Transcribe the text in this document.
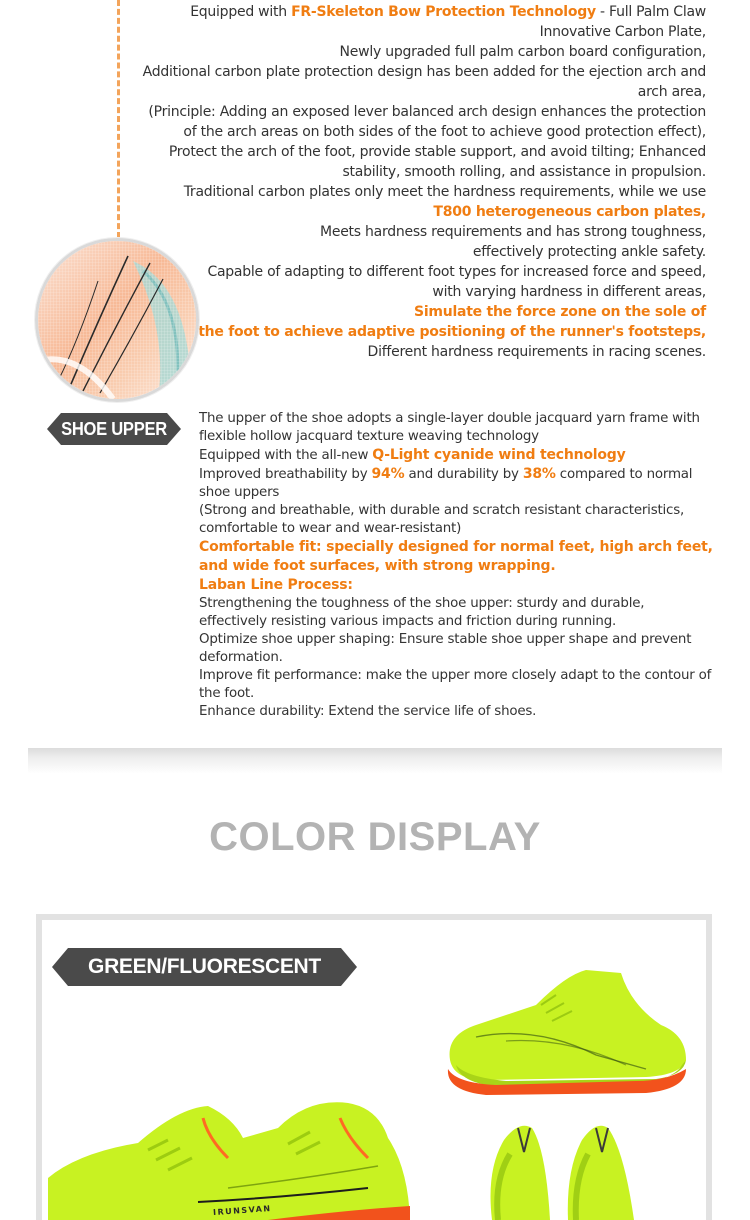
Equipped with FR-Skeleton Bow Protection Technology - Full Palm Claw
Innovative Carbon Plate,
Newly upgraded full palm carbon board configuration,
Additional carbon plate protection design has been added for the ejection arch and
arch area,
(Principle: Adding an exposed lever balanced arch design enhances the protection
of the arch areas on both sides of the foot to achieve good protection effect),
Protect the arch of the foot, provide stable support, and avoid tilting; Enhanced
stability, smooth rolling, and assistance in propulsion.
Traditional carbon plates only meet the hardness requirements, while we use
T800 heterogeneous carbon plates,
Meets hardness requirements and has strong toughness,
effectively protecting ankle safety.
Capable of adapting to different foot types for increased force and speed,
with varying hardness in different areas,
Simulate the force zone on the sole of
the foot to achieve adaptive positioning of the runner's footsteps,
Different hardness requirements in racing scenes.
SHOE UPPER
The upper of the shoe adopts a single-layer double jacquard yarn frame with
flexible hollow jacquard texture weaving technology
Equipped with the all-new Q-Light cyanide wind technology
Improved breathability by 94% and durability by 38% compared to normal
shoe uppers
(Strong and breathable, with durable and scratch resistant characteristics,
comfortable to wear and wear-resistant)
Comfortable fit: specially designed for normal feet, high arch feet,
and wide foot surfaces, with strong wrapping.
Laban Line Process:
Strengthening the toughness of the shoe upper: sturdy and durable,
effectively resisting various impacts and friction during running.
Optimize shoe upper shaping: Ensure stable shoe upper shape and prevent
deformation.
Improve fit performance: make the upper more closely adapt to the contour of
the foot.
Enhance durability: Extend the service life of shoes.
COLOR DISPLAY
GREEN/FLUORESCENT GREEN
IRUNSVAN
